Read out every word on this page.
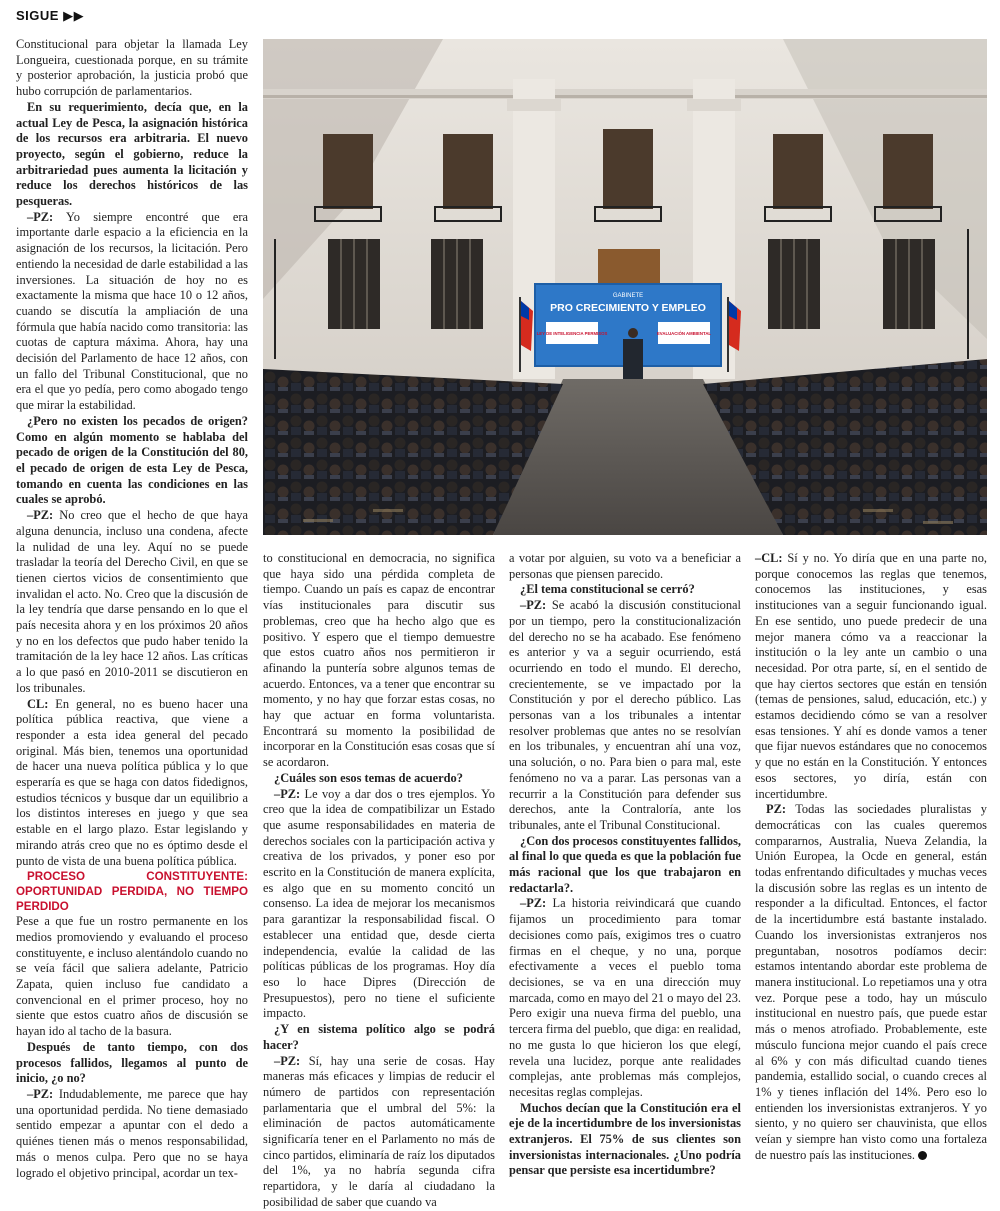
SIGUE ▶▶
GABINETE
PRO CRECIMIENTO Y EMPLEO
LEY DE INTELIGENCIA PERMISOS	EVALUACIÓN AMBIENTAL

Constitucional para objetar la llamada Ley Longueira, cuestionada porque, en su trámite y posterior aprobación, la justicia probó que hubo corrupción de parlamentarios.

En su requerimiento, decía que, en la actual Ley de Pesca, la asignación histórica de los recursos era arbitraria. El nuevo proyecto, según el gobierno, reduce la arbitrariedad pues aumenta la licitación y reduce los derechos históricos de las pesqueras.

–PZ: Yo siempre encontré que era importante darle espacio a la eficiencia en la asignación de los recursos, la licitación. Pero entiendo la necesidad de darle estabilidad a las inversiones. La situación de hoy no es exactamente la misma que hace 10 o 12 años, cuando se discutía la ampliación de una fórmula que había nacido como transitoria: las cuotas de captura máxima. Ahora, hay una decisión del Parlamento de hace 12 años, con un fallo del Tribunal Constitucional, que no era el que yo pedía, pero como abogado tengo que mirar la estabilidad.

¿Pero no existen los pecados de origen? Como en algún momento se hablaba del pecado de origen de la Constitución del 80, el pecado de origen de esta Ley de Pesca, tomando en cuenta las condiciones en las cuales se aprobó.

–PZ: No creo que el hecho de que haya alguna denuncia, incluso una condena, afecte la nulidad de una ley. Aquí no se puede trasladar la teoría del Derecho Civil, en que se tienen ciertos vicios de consentimiento que invalidan el acto. No. Creo que la discusión de la ley tendría que darse pensando en lo que el país necesita ahora y en los próximos 20 años y no en los defectos que pudo haber tenido la tramitación de la ley hace 12 años. Las críticas a lo que pasó en 2010-2011 se discutieron en los tribunales.

CL: En general, no es bueno hacer una política pública reactiva, que viene a responder a esta idea general del pecado original. Más bien, tenemos una oportunidad de hacer una nueva política pública y lo que esperaría es que se haga con datos fidedignos, estudios técnicos y busque dar un equilibrio a los distintos intereses en juego y que sea estable en el largo plazo. Estar legislando y mirando atrás creo que no es óptimo desde el punto de vista de una buena política pública.

PROCESO CONSTITUYENTE: OPORTUNIDAD PERDIDA, NO TIEMPO PERDIDO

Pese a que fue un rostro permanente en los medios promoviendo y evaluando el proceso constituyente, e incluso alentándolo cuando no se veía fácil que saliera adelante, Patricio Zapata, quien incluso fue candidato a convencional en el primer proceso, hoy no siente que estos cuatro años de discusión se hayan ido al tacho de la basura.

Después de tanto tiempo, con dos procesos fallidos, llegamos al punto de inicio, ¿o no?

–PZ: Indudablemente, me parece que hay una oportunidad perdida. No tiene demasiado sentido empezar a apuntar con el dedo a quiénes tienen más o menos responsabilidad, más o menos culpa. Pero que no se haya logrado el objetivo principal, acordar un tex-

to constitucional en democracia, no significa que haya sido una pérdida completa de tiempo. Cuando un país es capaz de encontrar vías institucionales para discutir sus problemas, creo que ha hecho algo que es positivo. Y espero que el tiempo demuestre que estos cuatro años nos permitieron ir afinando la puntería sobre algunos temas de acuerdo. Entonces, va a tener que encontrar su momento, y no hay que forzar estas cosas, no hay que actuar en forma voluntarista. Encontrará su momento la posibilidad de incorporar en la Constitución esas cosas que sí se acordaron.

¿Cuáles son esos temas de acuerdo?

–PZ: Le voy a dar dos o tres ejemplos. Yo creo que la idea de compatibilizar un Estado que asume responsabilidades en materia de derechos sociales con la participación activa y creativa de los privados, y poner eso por escrito en la Constitución de manera explícita, es algo que en su momento concitó un consenso. La idea de mejorar los mecanismos para garantizar la responsabilidad fiscal. O establecer una entidad que, desde cierta independencia, evalúe la calidad de las políticas públicas de los programas. Hoy día eso lo hace Dipres (Dirección de Presupuestos), pero no tiene el suficiente impacto.

¿Y en sistema político algo se podrá hacer?

–PZ: Sí, hay una serie de cosas. Hay maneras más eficaces y limpias de reducir el número de partidos con representación parlamentaria que el umbral del 5%: la eliminación de pactos automáticamente significaría tener en el Parlamento no más de cinco partidos, eliminaría de raíz los diputados del 1%, ya no habría segunda cifra repartidora, y le daría al ciudadano la posibilidad de saber que cuando va

a votar por alguien, su voto va a beneficiar a personas que piensen parecido.

¿El tema constitucional se cerró?

–PZ: Se acabó la discusión constitucional por un tiempo, pero la constitucionalización del derecho no se ha acabado. Ese fenómeno es anterior y va a seguir ocurriendo, está ocurriendo en todo el mundo. El derecho, crecientemente, se ve impactado por la Constitución y por el derecho público. Las personas van a los tribunales a intentar resolver problemas que antes no se resolvían en los tribunales, y encuentran ahí una voz, una solución, o no. Para bien o para mal, este fenómeno no va a parar. Las personas van a recurrir a la Constitución para defender sus derechos, ante la Contraloría, ante los tribunales, ante el Tribunal Constitucional.

¿Con dos procesos constituyentes fallidos, al final lo que queda es que la población fue más racional que los que trabajaron en redactarla?.

–PZ: La historia reivindicará que cuando fijamos un procedimiento para tomar decisiones como país, exigimos tres o cuatro firmas en el cheque, y no una, porque efectivamente a veces el pueblo toma decisiones, se va en una dirección muy marcada, como en mayo del 21 o mayo del 23. Pero exigir una nueva firma del pueblo, una tercera firma del pueblo, que diga: en realidad, no me gusta lo que hicieron los que elegí, revela una lucidez, porque ante realidades complejas, ante problemas más complejos, necesitas reglas complejas.

Muchos decían que la Constitución era el eje de la incertidumbre de los inversionistas extranjeros. El 75% de sus clientes son inversionistas internacionales. ¿Uno podría pensar que persiste esa incertidumbre?

–CL: Sí y no. Yo diría que en una parte no, porque conocemos las reglas que tenemos, conocemos las instituciones, y esas instituciones van a seguir funcionando igual. En ese sentido, uno puede predecir de una mejor manera cómo va a reaccionar la institución o la ley ante un cambio o una necesidad. Por otra parte, sí, en el sentido de que hay ciertos sectores que están en tensión (temas de pensiones, salud, educación, etc.) y estamos decidiendo cómo se van a resolver esas tensiones. Y ahí es donde vamos a tener que fijar nuevos estándares que no conocemos y que no están en la Constitución. Y entonces esos sectores, yo diría, están con incertidumbre.

PZ: Todas las sociedades pluralistas y democráticas con las cuales queremos compararnos, Australia, Nueva Zelandia, la Unión Europea, la Ocde en general, están todas enfrentando dificultades y muchas veces la discusión sobre las reglas es un intento de responder a la dificultad. Entonces, el factor de la incertidumbre está bastante instalado. Cuando los inversionistas extranjeros nos preguntaban, nosotros podíamos decir: estamos intentando abordar este problema de manera institucional. Lo repetiamos una y otra vez. Porque pese a todo, hay un músculo institucional en nuestro país, que puede estar más o menos atrofiado. Probablemente, este músculo funciona mejor cuando el país crece al 6% y con más dificultad cuando tienes pandemia, estallido social, o cuando creces al 1% y tienes inflación del 14%. Pero eso lo entienden los inversionistas extranjeros. Y yo siento, y no quiero ser chauvinista, que ellos veían y siempre han visto como una fortaleza de nuestro país las instituciones.
